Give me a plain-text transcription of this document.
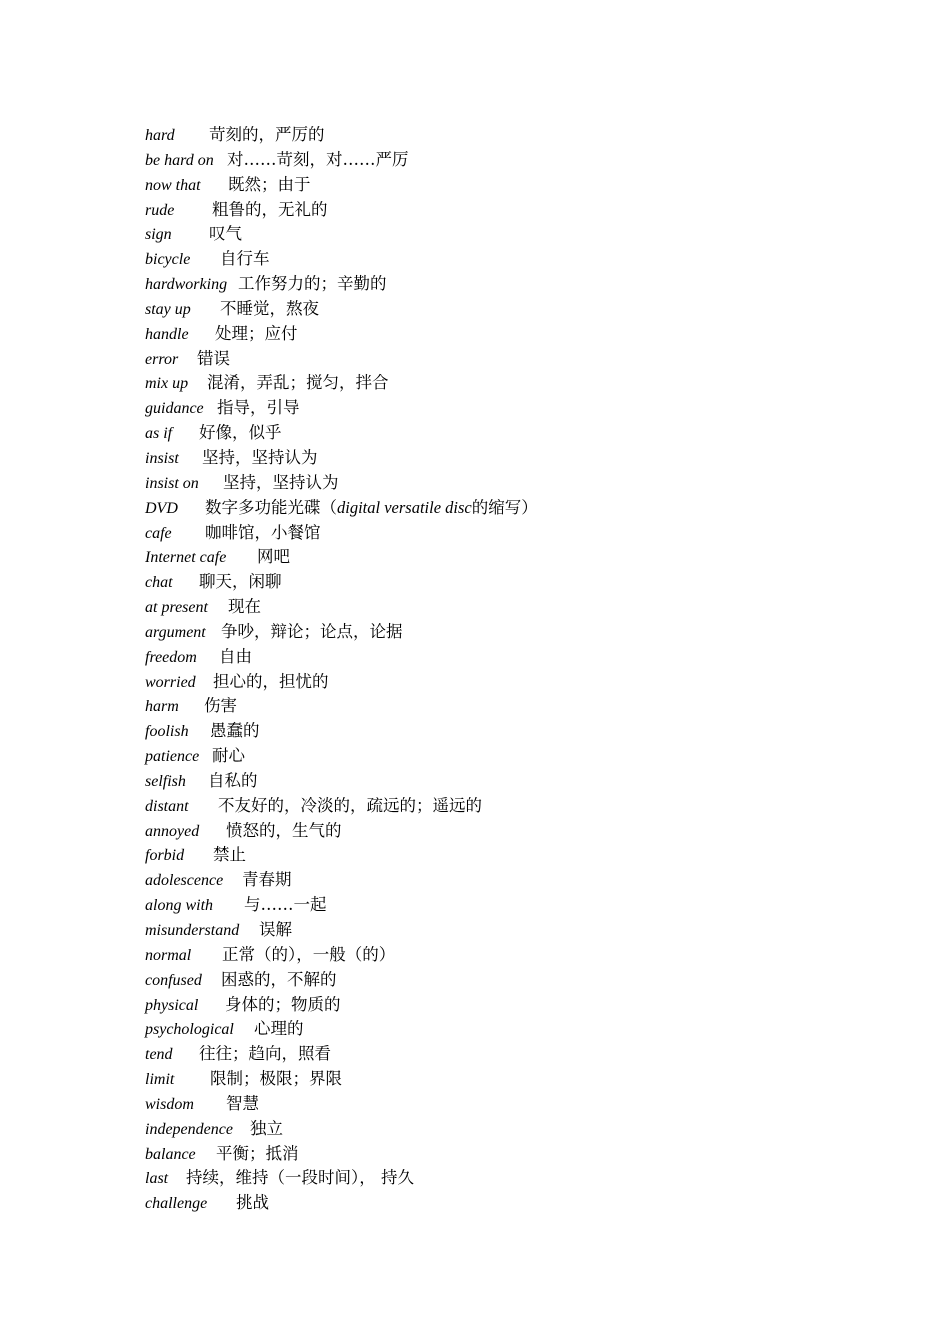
hard 苛刻的，严厉的
be hard on 对……苛刻，对……严厉
now that 既然；由于
rude 粗鲁的，无礼的
sign 叹气
bicycle 自行车
hardworking 工作努力的；辛勤的
stay up 不睡觉，熬夜
handle 处理；应付
error 错误
mix up 混淆，弄乱；搅匀，拌合
guidance 指导，引导
as if 好像，似乎
insist 坚持，坚持认为
insist on 坚持，坚持认为
DVD 数字多功能光碟（digital versatile disc的缩写）
cafe 咖啡馆，小餐馆
Internet cafe 网吧
chat 聊天，闲聊
at present 现在
argument 争吵，辩论；论点，论据
freedom 自由
worried 担心的，担忧的
harm 伤害
foolish 愚蠢的
patience 耐心
selfish 自私的
distant 不友好的，冷淡的，疏远的；遥远的
annoyed 愤怒的，生气的
forbid 禁止
adolescence 青春期
along with 与……一起
misunderstand 误解
normal 正常（的），一般（的）
confused 困惑的，不解的
physical 身体的；物质的
psychological 心理的
tend 往往；趋向，照看
limit 限制；极限；界限
wisdom 智慧
independence 独立
balance 平衡；抵消
last 持续，维持（一段时间）， 持久
challenge 挑战
